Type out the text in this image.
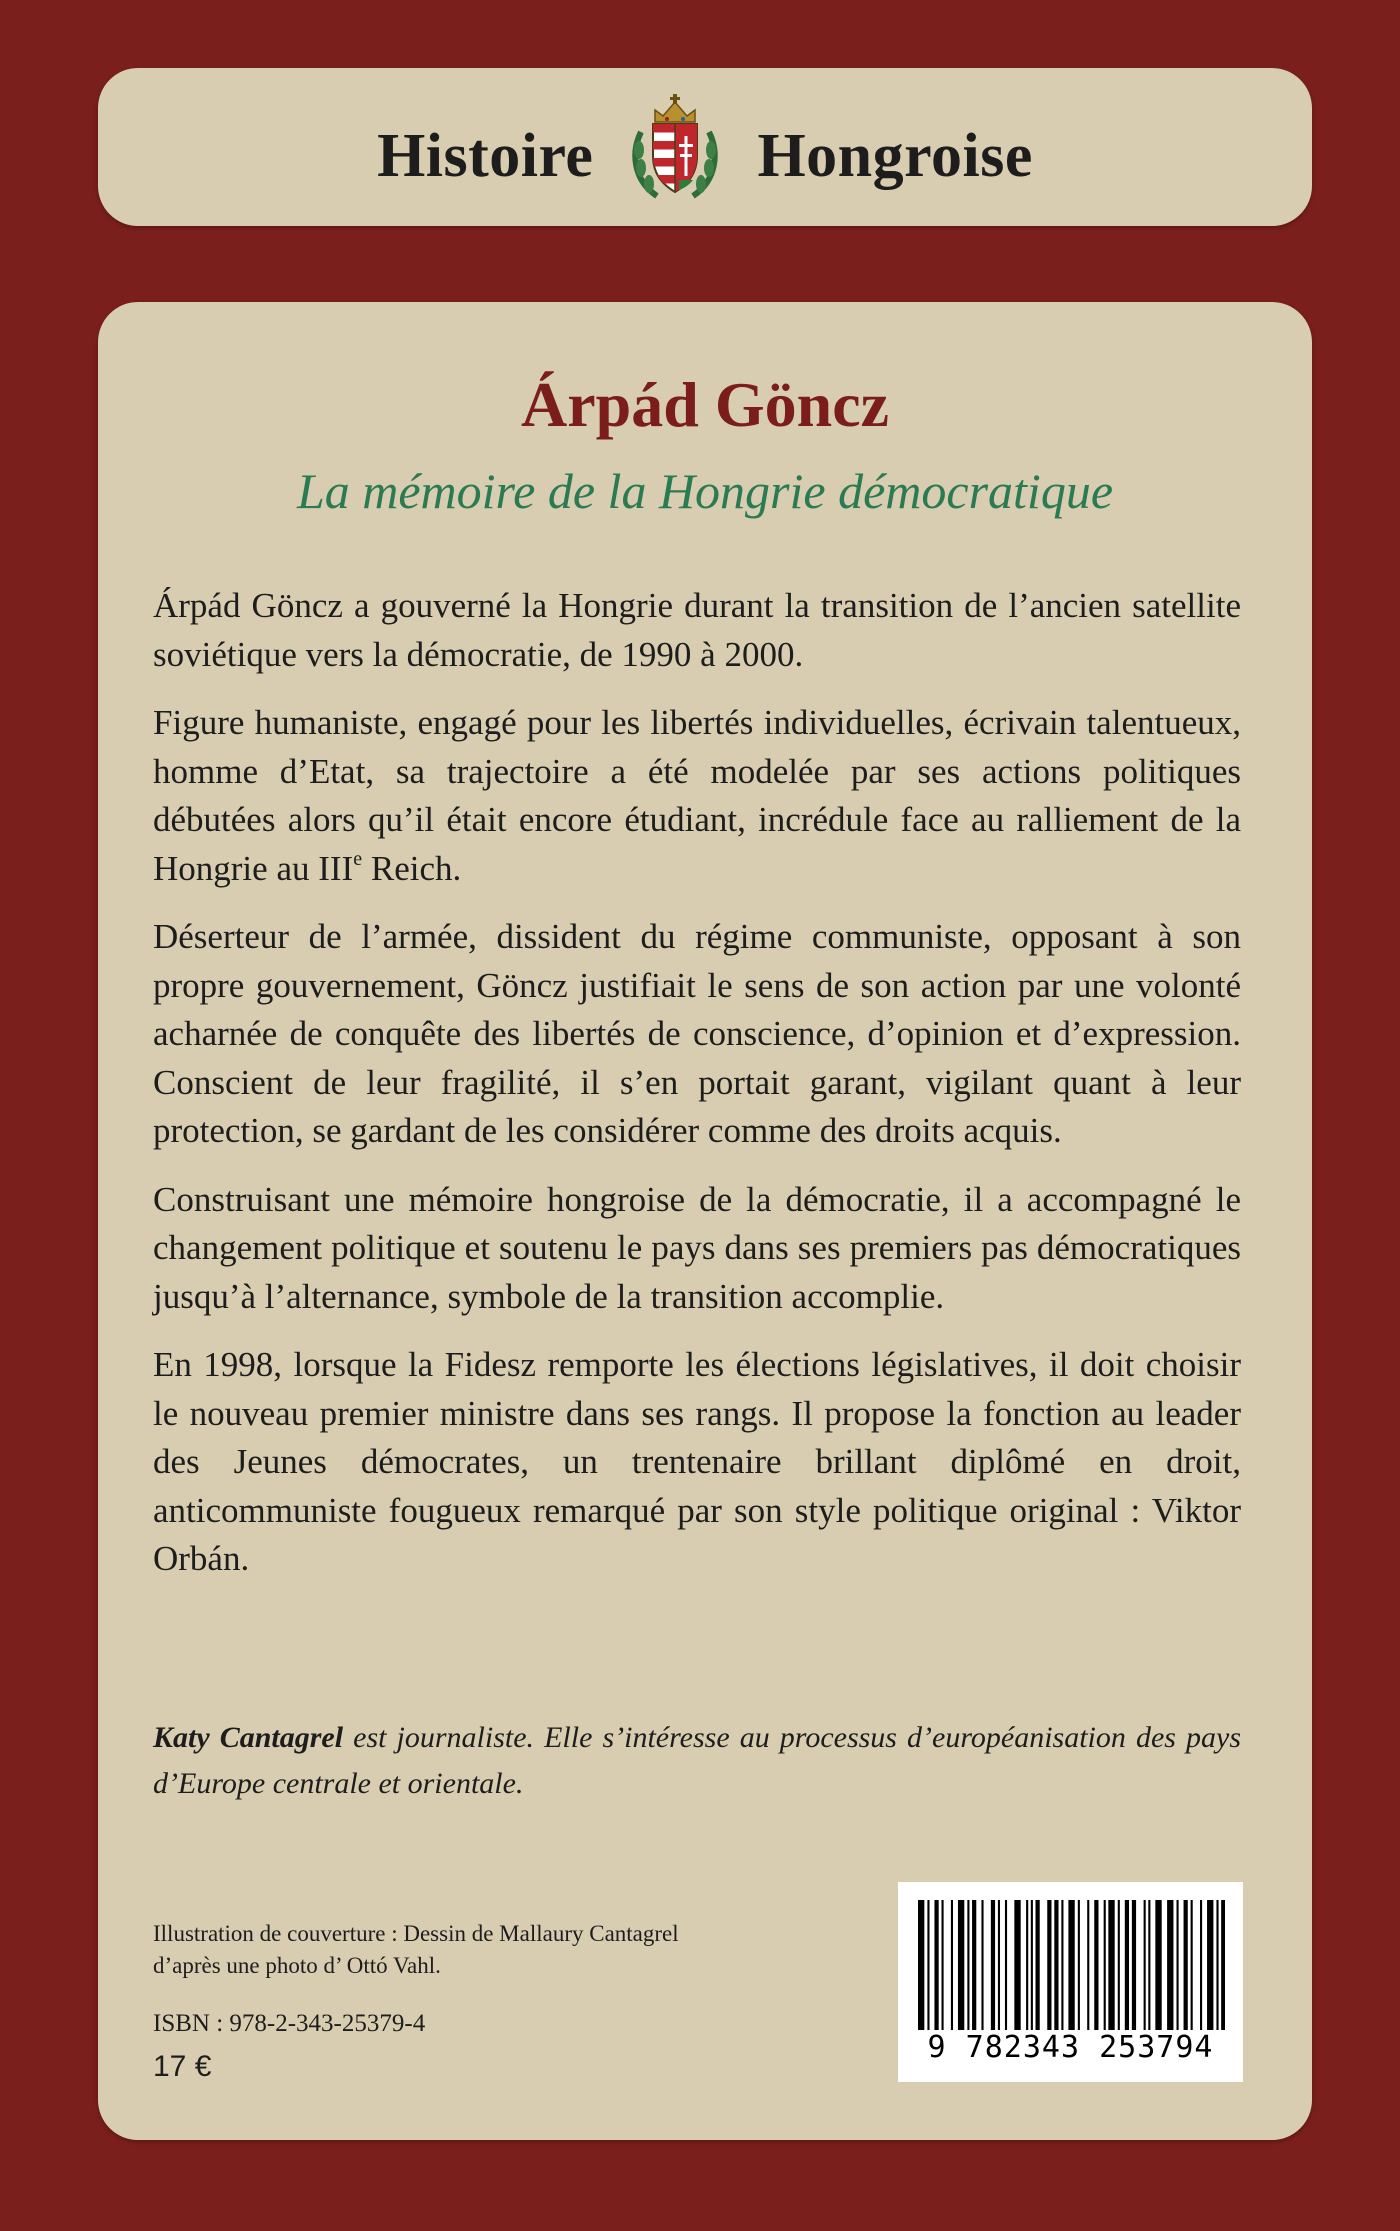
Histoire	Hongroise
Árpád Göncz
La mémoire de la Hongrie démocratique

Árpád Göncz a gouverné la Hongrie durant la transition de l’ancien satellite soviétique vers la démocratie, de 1990 à 2000.

Figure humaniste, engagé pour les libertés individuelles, écrivain talentueux, homme d’Etat, sa trajectoire a été modelée par ses actions politiques débutées alors qu’il était encore étudiant, incrédule face au ralliement de la Hongrie au IIIe Reich.

Déserteur de l’armée, dissident du régime communiste, opposant à son propre gouvernement, Göncz justifiait le sens de son action par une volonté acharnée de conquête des libertés de conscience, d’opinion et d’expression. Conscient de leur fragilité, il s’en portait garant, vigilant quant à leur protection, se gardant de les considérer comme des droits acquis.

Construisant une mémoire hongroise de la démocratie, il a accompagné le changement politique et soutenu le pays dans ses premiers pas démocratiques jusqu’à l’alternance, symbole de la transition accomplie.

En 1998, lorsque la Fidesz remporte les élections législatives, il doit choisir le nouveau premier ministre dans ses rangs. Il propose la fonction au leader des Jeunes démocrates, un trentenaire brillant diplômé en droit, anticommuniste fougueux remarqué par son style politique original : Viktor Orbán.

Katy Cantagrel est journaliste. Elle s’intéresse au processus d’européanisation des pays d’Europe centrale et orientale.
Illustration de couverture : Dessin de Mallaury Cantagrel
d’après une photo d’ Ottó Vahl.
ISBN : 978-2-343-25379-4
17 €
9 782343 253794
